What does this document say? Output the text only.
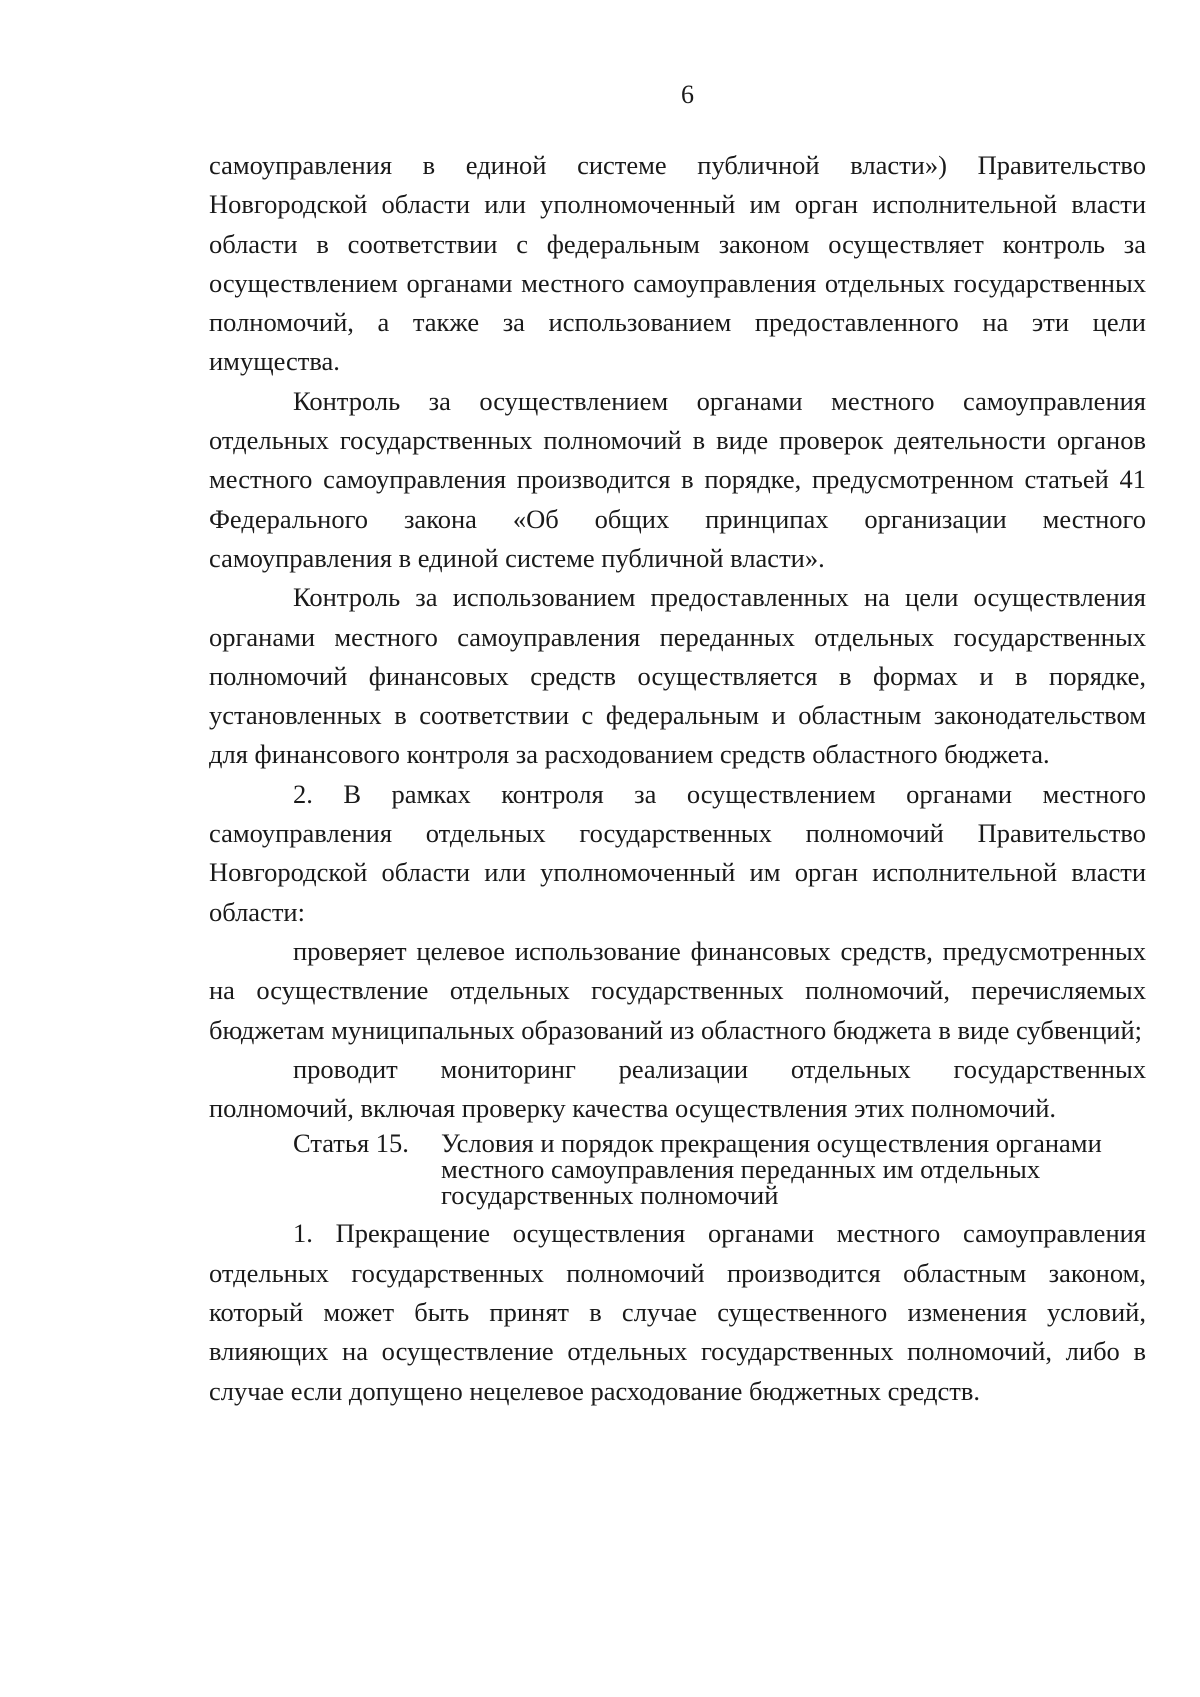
6

самоуправления в единой системе публичной власти») Правительство Новгородской области или уполномоченный им орган исполнительной власти области в соответствии с федеральным законом осуществляет контроль за осуществлением органами местного самоуправления отдельных государственных полномочий, а также за использованием предоставленного на эти цели имущества.

Контроль за осуществлением органами местного самоуправления отдельных государственных полномочий в виде проверок деятельности органов местного самоуправления производится в порядке, предусмотренном статьей 41 Федерального закона «Об общих принципах организации местного самоуправления в единой системе публичной власти».

Контроль за использованием предоставленных на цели осуществления органами местного самоуправления переданных отдельных государственных полномочий финансовых средств осуществляется в формах и в порядке, установленных в соответствии с федеральным и областным законодательством для финансового контроля за расходованием средств областного бюджета.

2. В рамках контроля за осуществлением органами местного самоуправления отдельных государственных полномочий Правительство Новгородской области или уполномоченный им орган исполнительной власти области:

проверяет целевое использование финансовых средств, предусмотренных на осуществление отдельных государственных полномочий, перечисляемых бюджетам муниципальных образований из областного бюджета в виде субвенций;

проводит мониторинг реализации отдельных государственных полномочий, включая проверку качества осуществления этих полномочий.

Статья 15.	Условия и порядок прекращения осуществления органами
местного самоуправления переданных им отдельных
государственных полномочий

1. Прекращение осуществления органами местного самоуправления отдельных государственных полномочий производится областным законом, который может быть принят в случае существенного изменения условий, влияющих на осуществление отдельных государственных полномочий, либо в случае если допущено нецелевое расходование бюджетных средств.
